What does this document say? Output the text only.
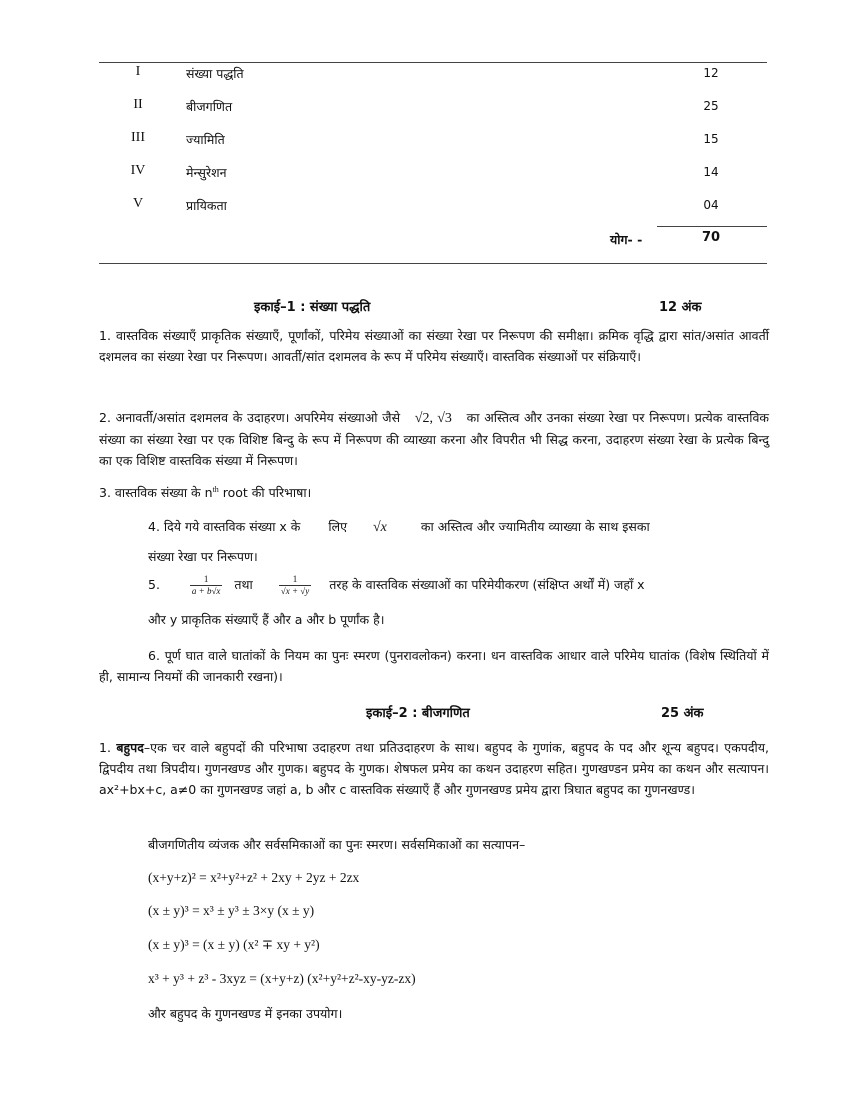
I	संख्या पद्धति	12
II	बीजगणित	25
III	ज्यामिति	15
IV	मेन्सुरेशन	14
V	प्रायिकता	04
योग- -	70
इकाई–1 : संख्या पद्धति	12 अंक
1. वास्तविक संख्याएँ प्राकृतिक संख्याएँ, पूर्णांकों, परिमेय संख्याओं का संख्या रेखा पर निरूपण की समीक्षा। क्रमिक वृद्धि द्वारा सांत/असांत आवर्ती दशमलव का संख्या रेखा पर निरूपण। आवर्ती/सांत दशमलव के रूप में परिमेय संख्याएँ। वास्तविक संख्याओं पर संक्रियाएँ।
2. अनावर्ती/असांत दशमलव के उदाहरण। अपरिमेय संख्याओ जैसे √2, √3 का अस्तित्व और उनका संख्या रेखा पर निरूपण। प्रत्येक वास्तविक संख्या का संख्या रेखा पर एक विशिष्ट बिन्दु के रूप में निरूपण की व्याख्या करना और विपरीत भी सिद्ध करना, उदाहरण संख्या रेखा के प्रत्येक बिन्दु का एक विशिष्ट वास्तविक संख्या में निरूपण।
3. वास्तविक संख्या के $n^{th}$ root की परिभाषा।
4. दिये गये वास्तविक संख्या x के लिए √x	का अस्तित्व और ज्यामितीय व्याख्या के साथ इसका
संख्या रेखा पर निरूपण।
5.	$\frac{1}{a + b√x}$ तथा	$\frac{1}{√x + √y}$ तरह के वास्तविक संख्याओं का परिमेयीकरण (संक्षिप्त अर्थों में) जहाँ x
और y प्राकृतिक संख्याएँ हैं और a और b पूर्णांक है।
6. पूर्ण घात वाले घातांकों के नियम का पुनः स्मरण (पुनरावलोकन) करना। धन वास्तविक आधार वाले परिमेय घातांक (विशेष स्थितियों में ही, सामान्य नियमों की जानकारी रखना)।
इकाई–2 : बीजगणित	25 अंक
1. बहुपद–एक चर वाले बहुपदों की परिभाषा उदाहरण तथा प्रतिउदाहरण के साथ। बहुपद के गुणांक, बहुपद के पद और शून्य बहुपद। एकपदीय, द्विपदीय तथा त्रिपदीय। गुणनखण्ड और गुणक। बहुपद के गुणक। शेषफल प्रमेय का कथन उदाहरण सहित। गुणखण्डन प्रमेय का कथन और सत्यापन। ax²+bx+c, a≠0 का गुणनखण्ड जहां a, b और c वास्तविक संख्याएँ हैं और गुणनखण्ड प्रमेय द्वारा त्रिघात बहुपद का गुणनखण्ड।
बीजगणितीय व्यंजक और सर्वसमिकाओं का पुनः स्मरण। सर्वसमिकाओं का सत्यापन–
(x+y+z)² = x²+y²+z² + 2xy + 2yz + 2zx
(x ± y)³ = x³ ± y³ ± 3×y (x ± y)
(x ± y)³ = (x ± y) (x² ∓ xy + y²)
x³ + y³ + z³ - 3xyz = (x+y+z) (x²+y²+z²-xy-yz-zx)
और बहुपद के गुणनखण्ड में इनका उपयोग।
